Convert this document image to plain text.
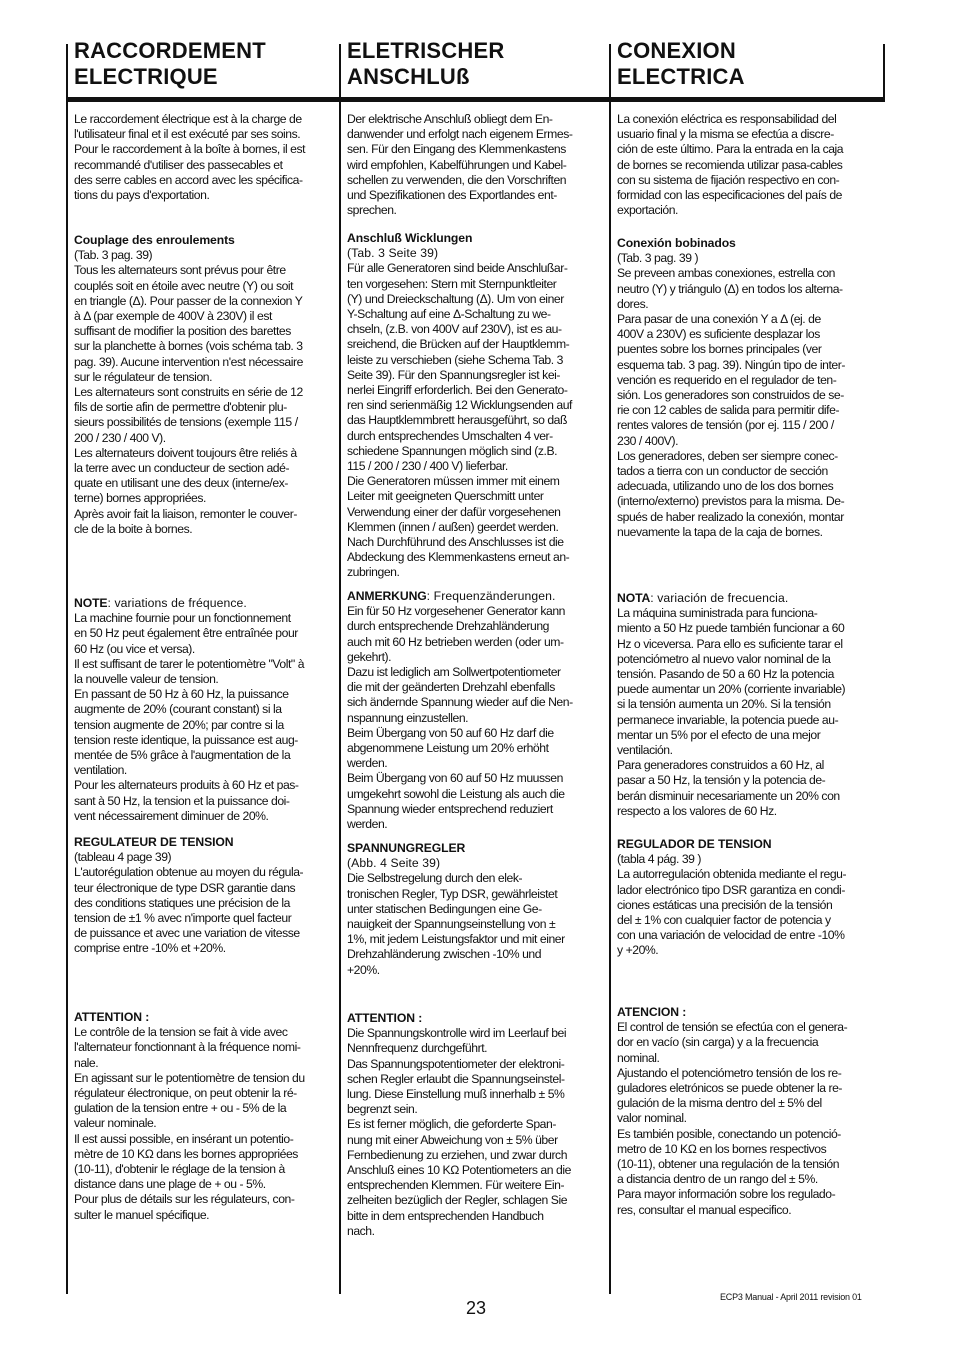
RACCORDEMENT
ELECTRIQUE

Le raccordement électrique est à la charge de
l'utilisateur final et il est exécuté par ses soins.
Pour le raccordement à la boîte à bornes, il est
recommandé d'utiliser des passecables et
des serre cables en accord avec les spécifica-
tions du pays d'exportation.

Couplage des enroulements

(Tab. 3 pag. 39)

Tous les alternateurs sont prévus pour être
couplés soit en étoile avec neutre (Y) ou soit
en triangle (Δ). Pour passer de la connexion Y
à Δ (par exemple de 400V à 230V) il est
suffisant de modifier la position des barettes
sur la planchette à bornes (vois schéma tab. 3
pag. 39). Aucune intervention n'est nécessaire
sur le régulateur de tension.
Les alternateurs sont construits en série de 12
fils de sortie afin de permettre d'obtenir plu-
sieurs possibilités de tensions (exemple 115 /
200 / 230 / 400 V).
Les alternateurs doivent toujours être reliés à
la terre avec un conducteur de section adé-
quate en utilisant une des deux (interne/ex-
terne) bornes appropriées.
Après avoir fait la liaison, remonter le couver-
cle de la boite à bornes.

NOTE: variations de fréquence.

La machine fournie pour un fonctionnement
en 50 Hz peut également être entraînée pour
60 Hz (ou vice et versa).
Il est suffisant de tarer le potentiomètre "Volt" à
la nouvelle valeur de tension.
En passant de 50 Hz à 60 Hz, la puissance
augmente de 20% (courant constant) si la
tension augmente de 20%; par contre si la
tension reste identique, la puissance est aug-
mentée de 5% grâce à l'augmentation de la
ventilation.
Pour les alternateurs produits à 60 Hz et pas-
sant à 50 Hz, la tension et la puissance doi-
vent nécessairement diminuer de 20%.

REGULATEUR DE TENSION

(tableau 4 page 39)

L'autorégulation obtenue au moyen du régula-
teur électronique de type DSR garantie dans
des conditions statiques une précision de la
tension de ±1 % avec n'importe quel facteur
de puissance et avec une variation de vitesse
comprise entre -10% et +20%.

ATTENTION :

Le contrôle de la tension se fait à vide avec
l'alternateur fonctionnant à la fréquence nomi-
nale.
En agissant sur le potentiomètre de tension du
régulateur électronique, on peut obtenir la ré-
gulation de la tension entre + ou - 5% de la
valeur nominale.
Il est aussi possible, en insérant un potentio-
mètre de 10 KΩ dans les bornes appropriées
(10-11), d'obtenir le réglage de la tension à
distance dans une plage de + ou - 5%.
Pour plus de détails sur les régulateurs, con-
sulter le manuel spécifique.

ELETRISCHER
ANSCHLUß

Der elektrische Anschluß obliegt dem En-
danwender und erfolgt nach eigenem Ermes-
sen. Für den Eingang des Klemmenkastens
wird empfohlen, Kabelführungen und Kabel-
schellen zu verwenden, die den Vorschriften
und Spezifikationen des Exportlandes ent-
sprechen.

Anschluß Wicklungen

(Tab. 3 Seite 39)

Für alle Generatoren sind beide Anschlußar-
ten vorgesehen: Stern mit Sternpunktleiter
(Y) und Dreieckschaltung (Δ). Um von einer
Y-Schaltung auf eine Δ-Schaltung zu we-
chseln, (z.B. von 400V auf 230V), ist es au-
sreichend, die Brücken auf der Hauptklemm-
leiste zu verschieben (siehe Schema Tab. 3
Seite 39). Für den Spannungsregler ist kei-
nerlei Eingriff erforderlich. Bei den Generato-
ren sind serienmäßig 12 Wicklungsenden auf
das Hauptklemmbrett herausgeführt, so daß
durch entsprechendes Umschalten 4 ver-
schiedene Spannungen möglich sind (z.B.
115 / 200 / 230 / 400 V) lieferbar.
Die Generatoren müssen immer mit einem
Leiter mit geeigneten Querschmitt unter
Verwendung einer der dafür vorgesehenen
Klemmen (innen / außen) geerdet werden.
Nach Durchführund des Anschlusses ist die
Abdeckung des Klemmenkastens erneut an-
zubringen.

ANMERKUNG: Frequenzänderungen.

Ein für 50 Hz vorgesehener Generator kann
durch entsprechende Drehzahländerung
auch mit 60 Hz betrieben werden (oder um-
gekehrt).
Dazu ist lediglich am Sollwertpotentiometer
die mit der geänderten Drehzahl ebenfalls
sich ändernde Spannung wieder auf die Nen-
nspannung einzustellen.
Beim Übergang von 50 auf 60 Hz darf die
abgenommene Leistung um 20% erhöht
werden.
Beim Übergang von 60 auf 50 Hz muussen
umgekehrt sowohl die Leistung als auch die
Spannung wieder entsprechend reduziert
werden.

SPANNUNGREGLER

(Abb. 4 Seite 39)

Die Selbstregelung durch den elek-
tronischen Regler, Typ DSR, gewährleistet
unter statischen Bedingungen eine Ge-
nauigkeit der Spannungseinstellung von ±
1%, mit jedem Leistungsfaktor und mit einer
Drehzahländerung zwischen -10% und
+20%.

ATTENTION :

Die Spannungskontrolle wird im Leerlauf bei
Nennfrequenz durchgeführt.
Das Spannungspotentiometer der elektroni-
schen Regler erlaubt die Spannungseinstel-
lung. Diese Einstellung muß innerhalb ± 5%
begrenzt sein.
Es ist ferner möglich, die geforderte Span-
nung mit einer Abweichung von ± 5% über
Fernbedienung zu erziehen, und zwar durch
Anschluß eines 10 KΩ Potentiometers an die
entsprechenden Klemmen. Für weitere Ein-
zelheiten bezüglich der Regler, schlagen Sie
bitte in dem entsprechenden Handbuch
nach.

CONEXION
ELECTRICA

La conexión eléctrica es responsabilidad del
usuario final y la misma se efectúa a discre-
ción de este último. Para la entrada en la caja
de bornes se recomienda utilizar pasa-cables
con su sistema de fijación respectivo en con-
formidad con las especificaciones del país de
exportación.

Conexión bobinados

(Tab. 3 pag. 39 )

Se preveen ambas conexiones, estrella con
neutro (Y) y triángulo (Δ) en todos los alterna-
dores.
Para pasar de una conexión Y a Δ (ej. de
400V a 230V) es suficiente desplazar los
puentes sobre los bornes principales (ver
esquema tab. 3 pag. 39). Ningún tipo de inter-
vención es requerido en el regulador de ten-
sión. Los generadores son construidos de se-
rie con 12 cables de salida para permitir dife-
rentes valores de tensión (por ej. 115 / 200 /
230 / 400V).
Los generadores, deben ser siempre conec-
tados a tierra con un conductor de sección
adecuada, utilizando uno de los dos bornes
(interno/externo) previstos para la misma. De-
spués de haber realizado la conexión, montar
nuevamente la tapa de la caja de bornes.

NOTA: variación de frecuencia.

La máquina suministrada para funciona-
miento a 50 Hz puede también funcionar a 60
Hz o viceversa. Para ello es suficiente tarar el
potenciómetro al nuevo valor nominal de la
tensión. Pasando de 50 a 60 Hz la potencia
puede aumentar un 20% (corriente invariable)
si la tensión aumenta un 20%. Si la tensión
permanece invariable, la potencia puede au-
mentar un 5% por el efecto de una mejor
ventilación.
Para generadores construidos a 60 Hz, al
pasar a 50 Hz, la tensión y la potencia de-
berán disminuir necesariamente un 20% con
respecto a los valores de 60 Hz.

REGULADOR DE TENSION

(tabla 4 pág. 39 )

La autorregulación obtenida mediante el regu-
lador electrónico tipo DSR garantiza en condi-
ciones estáticas una precisión de la tensión
del ± 1% con cualquier factor de potencia y
con una variación de velocidad de entre -10%
y +20%.

ATENCION :

El control de tensión se efectúa con el genera-
dor en vacío (sin carga) y a la frecuencia
nominal.
Ajustando el potenciómetro tensión de los re-
guladores eletrónicos se puede obtener la re-
gulación de la misma dentro del ± 5% del
valor nominal.
Es también posible, conectando un potenció-
metro de 10 KΩ en los bornes respectivos
(10-11), obtener una regulación de la tensión
a distancia dentro de un rango del ± 5%.
Para mayor información sobre los regulado-
res, consultar el manual especifico.

23
ECP3 Manual - April 2011 revision 01
